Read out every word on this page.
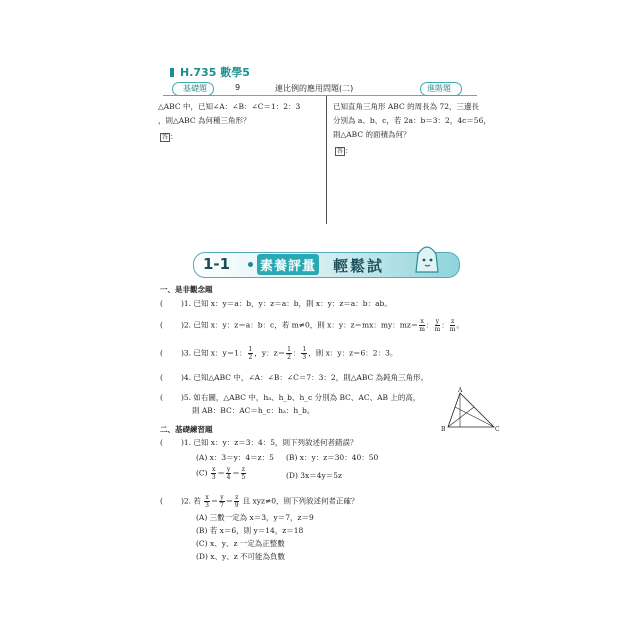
H.735 數學5
基礎題	9	連比例的應用問題(二)	進階題
△ABC 中，已知∠A：∠B：∠C＝1：2：3
，則△ABC 為何種三角形？
答 ：
已知直角三角形 ABC 的周長為 72，三邊長
分別為 a、b、c，若 2a：b＝3：2，4c＝56，
則△ABC 的面積為何？
答 ：
1-1 素養評量 輕鬆試
一、是非觀念題
( )1. 已知 x：y＝a：b，y：z＝a：b，則 x：y：z＝a：b：ab。
( )2. 已知 x：y：z＝a：b：c，若 m≠0，則 x：y：z＝mx：my：$mz= \frac{x}{m}$ ： $\frac{y}{m}$ ： $\frac{z}{m}$ 。
( )3. 已知 x：y＝1： $\frac{1}{2}$ ，y：$z= \frac{1}{2}$ ： $\frac{1}{3}$ ，則 x：y：z＝6：2：3。
( )4. 已知△ABC 中，∠A：∠B：∠C＝7：3：2，則△ABC 為鈍角三角形。
( )5. 如右圖，△ABC 中，hₐ、h_b、h_c 分別為 BC、AC、AB 上的高，
則 AB：BC：AC＝h_c：hₐ：h_b。
A
B	C
二、基礎練習題
( )1. 已知 x：y：z＝3：4：5，則下列敘述何者錯誤？
(A) x：3＝y：4＝z：5 (B) x：y：z＝30：40：50
$(C) \frac{x}{3} = \frac{y}{4} = \frac{z}{5}$	(D) 3x＝4y＝5z
( )2. 若 $\frac{x}{3} = \frac{y}{7} = \frac{z}{9}$ 且 xyz≠0，則下列敘述何者正確？
(A) 三數一定為 x＝3，y＝7，z＝9
(B) 若 x＝6，則 y＝14，z＝18
(C) x、y、z 一定為正整數
(D) x、y、z 不可能為負數
